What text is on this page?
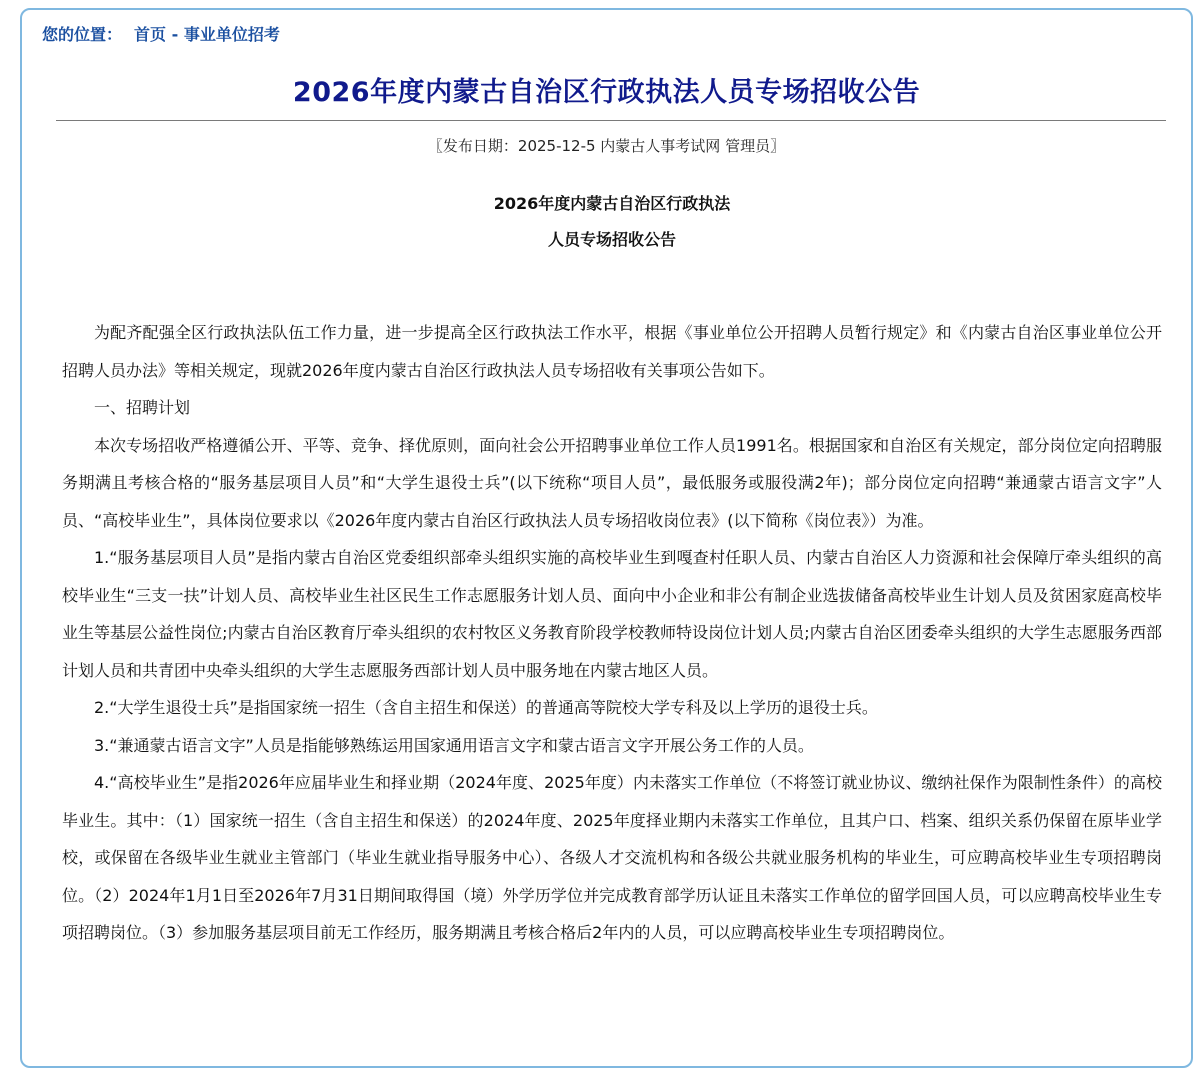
您的位置： 首页 - 事业单位招考
2026年度内蒙古自治区行政执法人员专场招收公告
〖发布日期：2025-12-5 内蒙古人事考试网 管理员〗
2026年度内蒙古自治区行政执法
人员专场招收公告

为配齐配强全区行政执法队伍工作力量，进一步提高全区行政执法工作水平，根据《事业单位公开招聘人员暂行规定》和《内蒙古自治区事业单位公开招聘人员办法》等相关规定，现就2026年度内蒙古自治区行政执法人员专场招收有关事项公告如下。

一、招聘计划

本次专场招收严格遵循公开、平等、竞争、择优原则，面向社会公开招聘事业单位工作人员1991名。根据国家和自治区有关规定，部分岗位定向招聘服务期满且考核合格的“服务基层项目人员”和“大学生退役士兵”(以下统称“项目人员”，最低服务或服役满2年)；部分岗位定向招聘“兼通蒙古语言文字”人员、“高校毕业生”，具体岗位要求以《2026年度内蒙古自治区行政执法人员专场招收岗位表》(以下简称《岗位表》）为准。

1.“服务基层项目人员”是指内蒙古自治区党委组织部牵头组织实施的高校毕业生到嘎查村任职人员、内蒙古自治区人力资源和社会保障厅牵头组织的高校毕业生“三支一扶”计划人员、高校毕业生社区民生工作志愿服务计划人员、面向中小企业和非公有制企业选拔储备高校毕业生计划人员及贫困家庭高校毕业生等基层公益性岗位;内蒙古自治区教育厅牵头组织的农村牧区义务教育阶段学校教师特设岗位计划人员;内蒙古自治区团委牵头组织的大学生志愿服务西部计划人员和共青团中央牵头组织的大学生志愿服务西部计划人员中服务地在内蒙古地区人员。

2.“大学生退役士兵”是指国家统一招生（含自主招生和保送）的普通高等院校大学专科及以上学历的退役士兵。

3.“兼通蒙古语言文字”人员是指能够熟练运用国家通用语言文字和蒙古语言文字开展公务工作的人员。

4.“高校毕业生”是指2026年应届毕业生和择业期（2024年度、2025年度）内未落实工作单位（不将签订就业协议、缴纳社保作为限制性条件）的高校毕业生。其中：（1）国家统一招生（含自主招生和保送）的2024年度、2025年度择业期内未落实工作单位，且其户口、档案、组织关系仍保留在原毕业学校，或保留在各级毕业生就业主管部门（毕业生就业指导服务中心）、各级人才交流机构和各级公共就业服务机构的毕业生，可应聘高校毕业生专项招聘岗位。（2）2024年1月1日至2026年7月31日期间取得国（境）外学历学位并完成教育部学历认证且未落实工作单位的留学回国人员，可以应聘高校毕业生专项招聘岗位。（3）参加服务基层项目前无工作经历，服务期满且考核合格后2年内的人员，可以应聘高校毕业生专项招聘岗位。
